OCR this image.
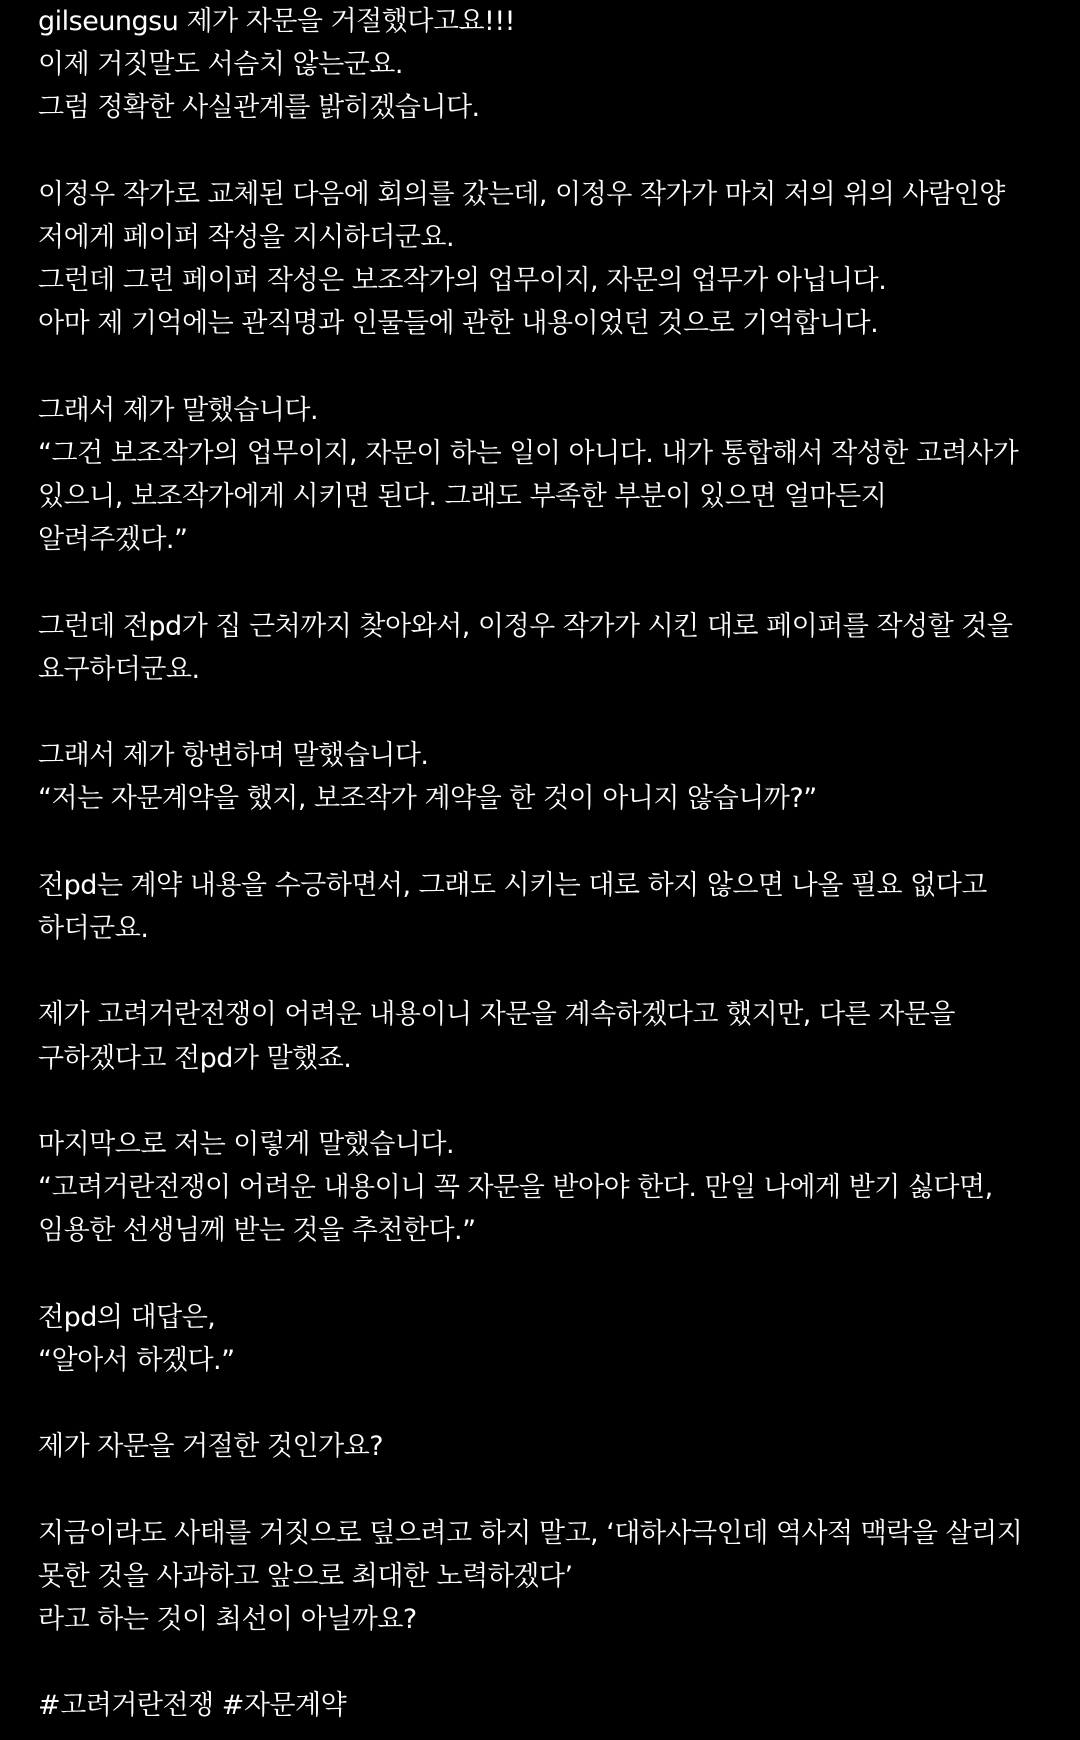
gilseungsu 제가 자문을 거절했다고요!!!
이제 거짓말도 서슴치 않는군요.
그럼 정확한 사실관계를 밝히겠습니다.
이정우 작가로 교체된 다음에 회의를 갔는데, 이정우 작가가 마치 저의 위의 사람인양
저에게 페이퍼 작성을 지시하더군요.
그런데 그런 페이퍼 작성은 보조작가의 업무이지, 자문의 업무가 아닙니다.
아마 제 기억에는 관직명과 인물들에 관한 내용이었던 것으로 기억합니다.
그래서 제가 말했습니다.
“그건 보조작가의 업무이지, 자문이 하는 일이 아니다. 내가 통합해서 작성한 고려사가
있으니, 보조작가에게 시키면 된다. 그래도 부족한 부분이 있으면 얼마든지
알려주겠다.”
그런데 전pd가 집 근처까지 찾아와서, 이정우 작가가 시킨 대로 페이퍼를 작성할 것을
요구하더군요.
그래서 제가 항변하며 말했습니다.
“저는 자문계약을 했지, 보조작가 계약을 한 것이 아니지 않습니까?”
전pd는 계약 내용을 수긍하면서, 그래도 시키는 대로 하지 않으면 나올 필요 없다고
하더군요.
제가 고려거란전쟁이 어려운 내용이니 자문을 계속하겠다고 했지만, 다른 자문을
구하겠다고 전pd가 말했죠.
마지막으로 저는 이렇게 말했습니다.
“고려거란전쟁이 어려운 내용이니 꼭 자문을 받아야 한다. 만일 나에게 받기 싫다면,
임용한 선생님께 받는 것을 추천한다.”
전pd의 대답은,
“알아서 하겠다.”
제가 자문을 거절한 것인가요?
지금이라도 사태를 거짓으로 덮으려고 하지 말고, ‘대하사극인데 역사적 맥락을 살리지
못한 것을 사과하고 앞으로 최대한 노력하겠다’
라고 하는 것이 최선이 아닐까요?
#고려거란전쟁 #자문계약
